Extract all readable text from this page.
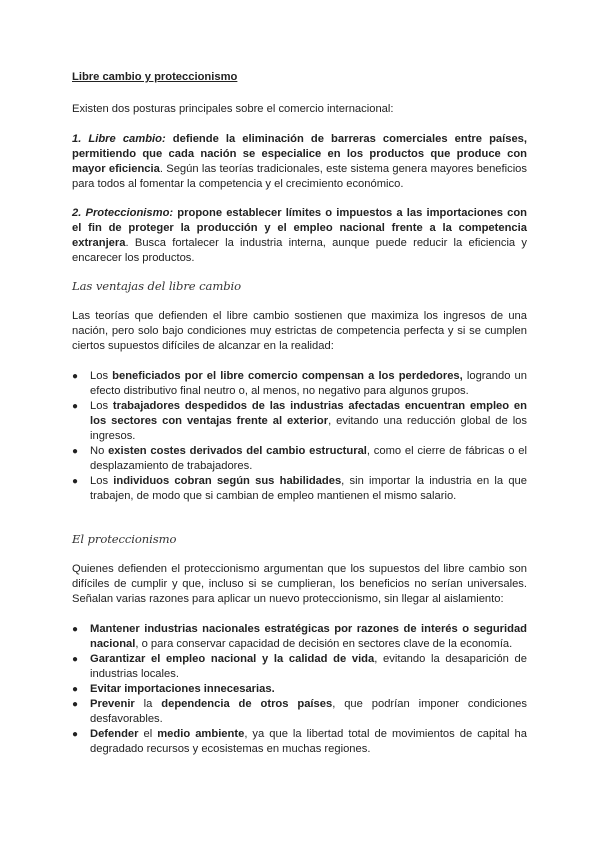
Libre cambio y proteccionismo

Existen dos posturas principales sobre el comercio internacional:

1. Libre cambio: defiende la eliminación de barreras comerciales entre países, permitiendo que cada nación se especialice en los productos que produce con mayor eficiencia. Según las teorías tradicionales, este sistema genera mayores beneficios para todos al fomentar la competencia y el crecimiento económico.

2. Proteccionismo: propone establecer límites o impuestos a las importaciones con el fin de proteger la producción y el empleo nacional frente a la competencia extranjera. Busca fortalecer la industria interna, aunque puede reducir la eficiencia y encarecer los productos.

Las ventajas del libre cambio

Las teorías que defienden el libre cambio sostienen que maximiza los ingresos de una nación, pero solo bajo condiciones muy estrictas de competencia perfecta y si se cumplen ciertos supuestos difíciles de alcanzar en la realidad:

● Los beneficiados por el libre comercio compensan a los perdedores, logrando un efecto distributivo final neutro o, al menos, no negativo para algunos grupos.
● Los trabajadores despedidos de las industrias afectadas encuentran empleo en los sectores con ventajas frente al exterior, evitando una reducción global de los ingresos.
● No existen costes derivados del cambio estructural, como el cierre de fábricas o el desplazamiento de trabajadores.
● Los individuos cobran según sus habilidades, sin importar la industria en la que trabajen, de modo que si cambian de empleo mantienen el mismo salario.
El proteccionismo

Quienes defienden el proteccionismo argumentan que los supuestos del libre cambio son difíciles de cumplir y que, incluso si se cumplieran, los beneficios no serían universales. Señalan varias razones para aplicar un nuevo proteccionismo, sin llegar al aislamiento:

● Mantener industrias nacionales estratégicas por razones de interés o seguridad nacional, o para conservar capacidad de decisión en sectores clave de la economía.
● Garantizar el empleo nacional y la calidad de vida, evitando la desaparición de industrias locales.
● Evitar importaciones innecesarias.
● Prevenir la dependencia de otros países, que podrían imponer condiciones desfavorables.
● Defender el medio ambiente, ya que la libertad total de movimientos de capital ha degradado recursos y ecosistemas en muchas regiones.
